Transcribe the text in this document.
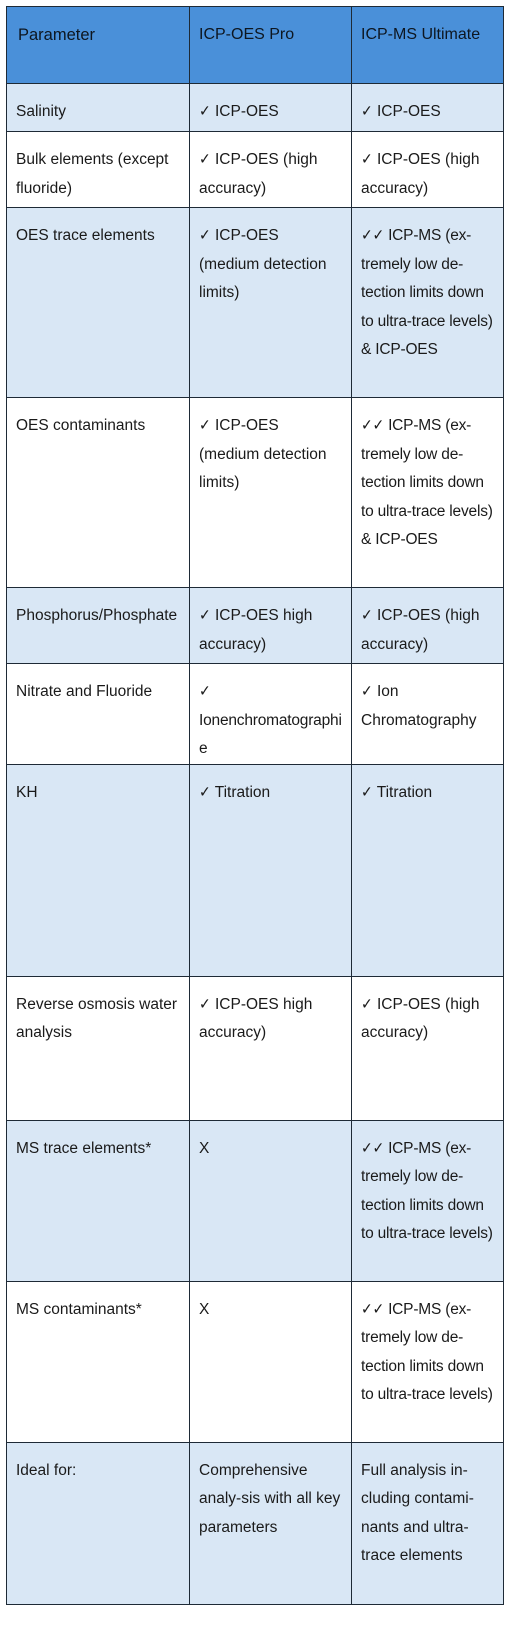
Parameter	ICP-OES Pro	ICP-MS Ultimate
Salinity	✓ ICP-OES	✓ ICP-OES
Bulk elements (except fluoride)	✓ ICP-OES (high accuracy)	✓ ICP-OES (high accuracy)
OES trace elements	✓ ICP-OES (medium detection limits)	✓✓ ICP-MS (ex-tremely low de-tection limits down to ultra-trace levels) & ICP-OES
OES contaminants	✓ ICP-OES (medium detection limits)	✓✓ ICP-MS (ex-tremely low de-tection limits down to ultra-trace levels) & ICP-OES
Phosphorus/Phosphate	✓ ICP-OES high accuracy)	✓ ICP-OES (high accuracy)
Nitrate and Fluoride	✓ Ionenchromatographie	✓ Ion Chromatography
KH	✓ Titration	✓ Titration
Reverse osmosis water analysis	✓ ICP-OES high accuracy)	✓ ICP-OES (high accuracy)
MS trace elements*	X	✓✓ ICP-MS (ex-tremely low de-tection limits down to ultra-trace levels)
MS contaminants*	X	✓✓ ICP-MS (ex-tremely low de-tection limits down to ultra-trace levels)
Ideal for:	Comprehensive analy-sis with all key parameters	Full analysis in-cluding contami-nants and ultra-trace elements
